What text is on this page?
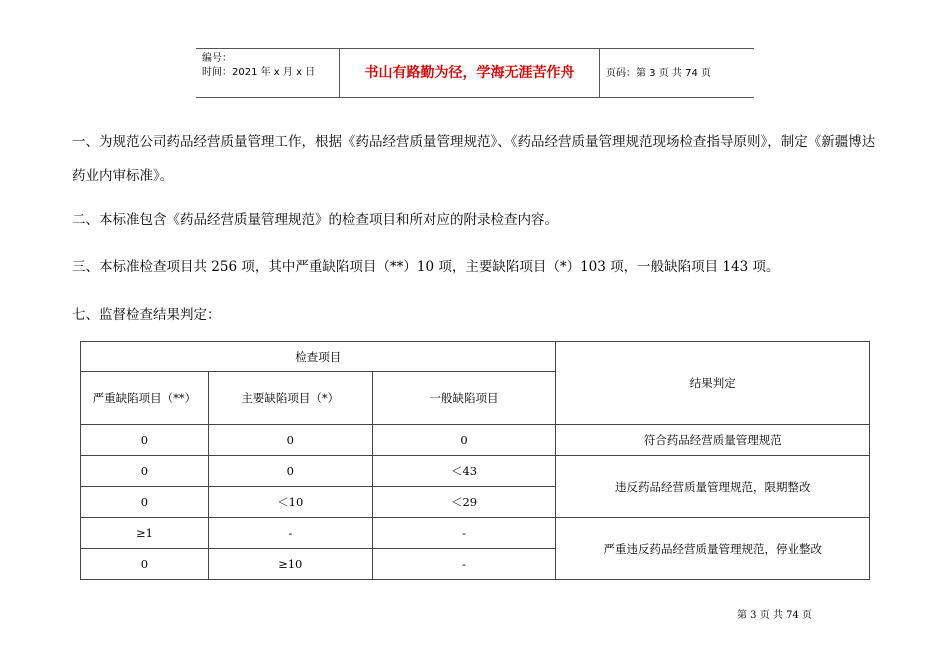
编号：
时间：2021 年 x 月 x 日	书山有路勤为径，学海无涯苦作舟	页码：第 3 页 共 74 页
一、为规范公司药品经营质量管理工作，根据《药品经营质量管理规范》、《药品经营质量管理规范现场检查指导原则》，制定《新疆博达药业内审标准》。
二、本标准包含《药品经营质量管理规范》的检查项目和所对应的附录检查内容。
三、本标准检查项目共 256 项，其中严重缺陷项目（**）10 项，主要缺陷项目（*）103 项，一般缺陷项目 143 项。
七、监督检查结果判定：
检查项目			结果判定
严重缺陷项目（**）	主要缺陷项目（*）	一般缺陷项目	
0	0	0	符合药品经营质量管理规范
0	0	＜43	违反药品经营质量管理规范，限期整改
0	＜10	＜29	
≥1	-	-	严重违反药品经营质量管理规范，停业整改
0	≥10	-	
第 3 页 共 74 页
